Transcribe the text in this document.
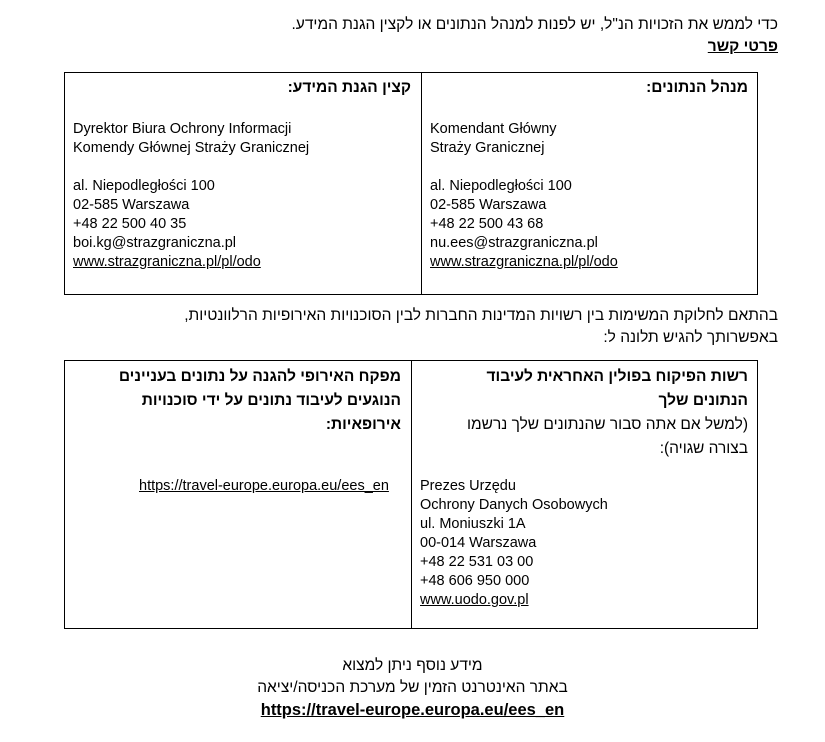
כדי לממש את הזכויות הנ"ל, יש לפנות למנהל הנתונים או לקצין הגנת המידע.
פרטי קשר
מנהל הנתונים:
Komendant Główny
Straży Granicznej
al. Niepodległości 100
02-585 Warszawa
+48 22 500 43 68
nu.ees@strazgraniczna.pl
www.strazgraniczna.pl/pl/odo
קצין הגנת המידע:
Dyrektor Biura Ochrony Informacji
Komendy Głównej Straży Granicznej
al. Niepodległości 100
02-585 Warszawa
+48 22 500 40 35
boi.kg@strazgraniczna.pl
www.strazgraniczna.pl/pl/odo
בהתאם לחלוקת המשימות בין רשויות המדינות החברות לבין הסוכנויות האירופיות הרלוונטיות,
באפשרותך להגיש תלונה ל:
רשות הפיקוח בפולין האחראית לעיבוד
הנתונים שלך
(למשל אם אתה סבור שהנתונים שלך נרשמו
בצורה שגויה):
Prezes Urzędu
Ochrony Danych Osobowych
ul. Moniuszki 1A
00-014 Warszawa
+48 22 531 03 00
+48 606 950 000
www.uodo.gov.pl
מפקח האירופי להגנה על נתונים בעניינים
הנוגעים לעיבוד נתונים על ידי סוכנויות
אירופאיות:
https://travel-europe.europa.eu/ees_en
מידע נוסף ניתן למצוא
באתר האינטרנט הזמין של מערכת הכניסה/יציאה
https://travel-europe.europa.eu/ees_en
